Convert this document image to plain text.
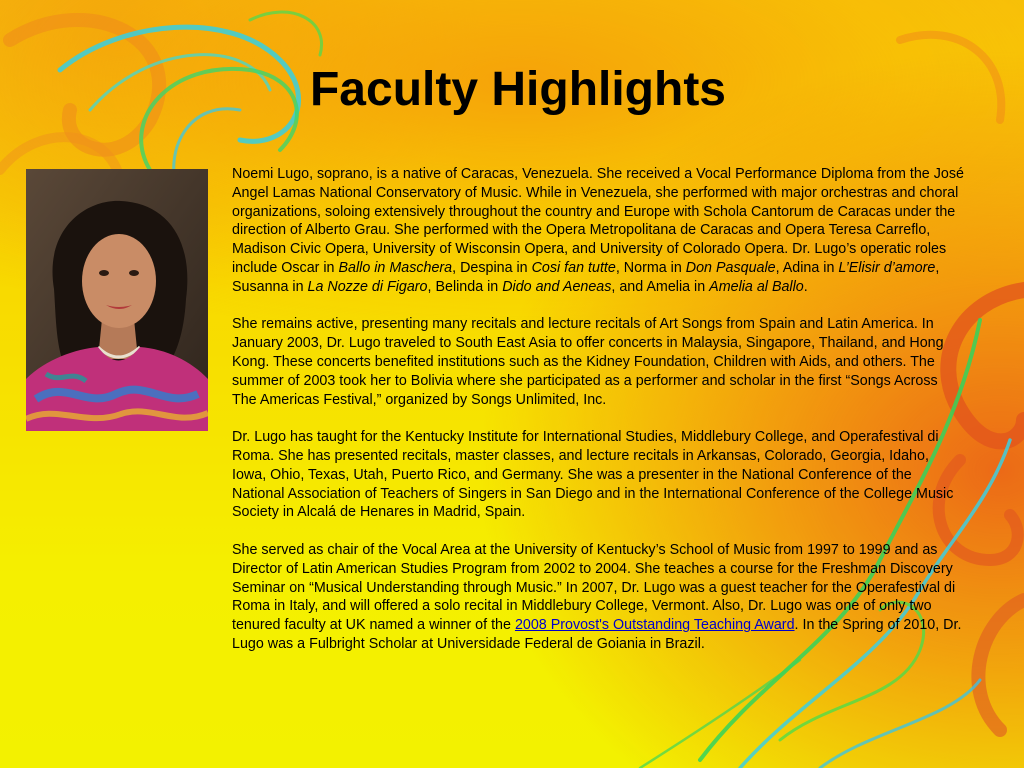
Faculty Highlights

Noemi Lugo, soprano, is a native of Caracas, Venezuela. She received a Vocal Performance Diploma from the José Angel Lamas National Conservatory of Music. While in Venezuela, she performed with major orchestras and choral organizations, soloing extensively throughout the country and Europe with Schola Cantorum de Caracas under the direction of Alberto Grau. She performed with the Opera Metropolitana de Caracas and Opera Teresa Carreflo, Madison Civic Opera, University of Wisconsin Opera, and University of Colorado Opera. Dr. Lugo’s operatic roles include Oscar in Ballo in Maschera, Despina in Cosi fan tutte, Norma in Don Pasquale, Adina in L’Elisir d’amore, Susanna in La Nozze di Figaro, Belinda in Dido and Aeneas, and Amelia in Amelia al Ballo.

She remains active, presenting many recitals and lecture recitals of Art Songs from Spain and Latin America. In January 2003, Dr. Lugo traveled to South East Asia to offer concerts in Malaysia, Singapore, Thailand, and Hong Kong. These concerts benefited institutions such as the Kidney Foundation, Children with Aids, and others. The summer of 2003 took her to Bolivia where she participated as a performer and scholar in the first “Songs Across The Americas Festival,” organized by Songs Unlimited, Inc.

Dr. Lugo has taught for the Kentucky Institute for International Studies, Middlebury College, and Operafestival di Roma. She has presented recitals, master classes, and lecture recitals in Arkansas, Colorado, Georgia, Idaho, Iowa, Ohio, Texas, Utah, Puerto Rico, and Germany. She was a presenter in the National Conference of the National Association of Teachers of Singers in San Diego and in the International Conference of the College Music Society in Alcalá de Henares in Madrid, Spain.

She served as chair of the Vocal Area at the University of Kentucky’s School of Music from 1997 to 1999 and as Director of Latin American Studies Program from 2002 to 2004. She teaches a course for the Freshman Discovery Seminar on “Musical Understanding through Music.” In 2007, Dr. Lugo was a guest teacher for the Operafestival di Roma in Italy, and will offered a solo recital in Middlebury College, Vermont. Also, Dr. Lugo was one of only two tenured faculty at UK named a winner of the 2008 Provost's Outstanding Teaching Award. In the Spring of 2010, Dr. Lugo was a Fulbright Scholar at Universidade Federal de Goiania in Brazil.
